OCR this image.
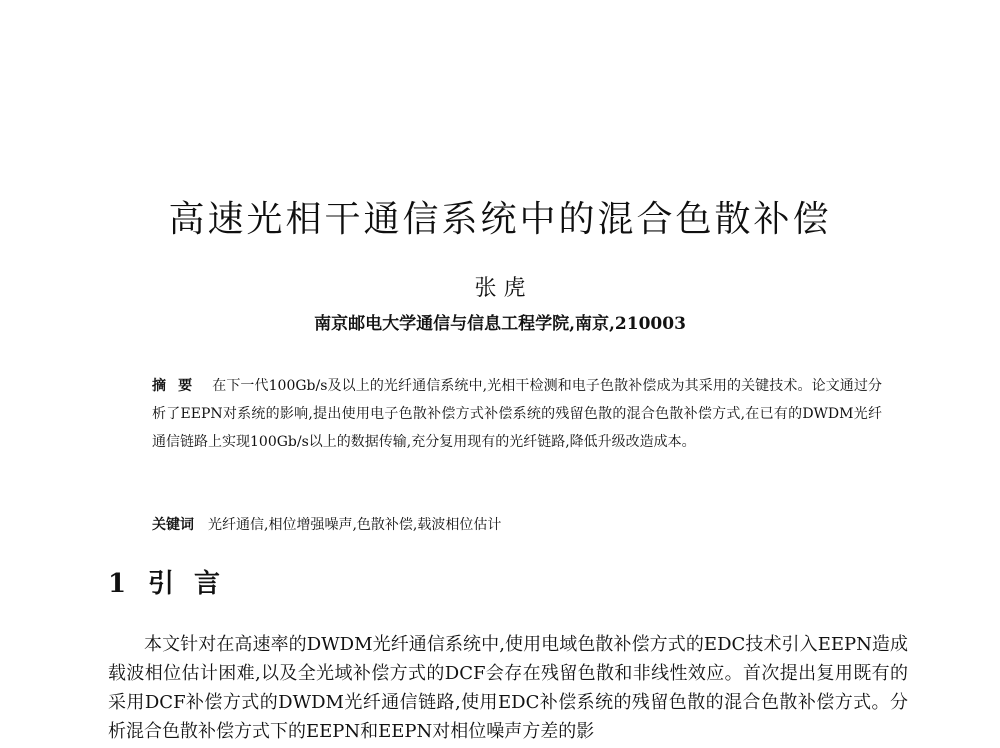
高速光相干通信系统中的混合色散补偿
张 虎
南京邮电大学通信与信息工程学院,南京,210003
摘要 在下一代100Gb/s及以上的光纤通信系统中,光相干检测和电子色散补偿成为其采用的关键技术。论文通过分析了EEPN对系统的影响,提出使用电子色散补偿方式补偿系统的残留色散的混合色散补偿方式,在已有的DWDM光纤通信链路上实现100Gb/s以上的数据传输,充分复用现有的光纤链路,降低升级改造成本。
关键词 光纤通信,相位增强噪声,色散补偿,载波相位估计
1 引言

本文针对在高速率的DWDM光纤通信系统中,使用电域色散补偿方式的EDC技术引入EEPN造成载波相位估计困难,以及全光域补偿方式的DCF会存在残留色散和非线性效应。首次提出复用既有的采用DCF补偿方式的DWDM光纤通信链路,使用EDC补偿系统的残留色散的混合色散补偿方式。分析混合色散补偿方式下的EEPN和EEPN对相位噪声方差的影
